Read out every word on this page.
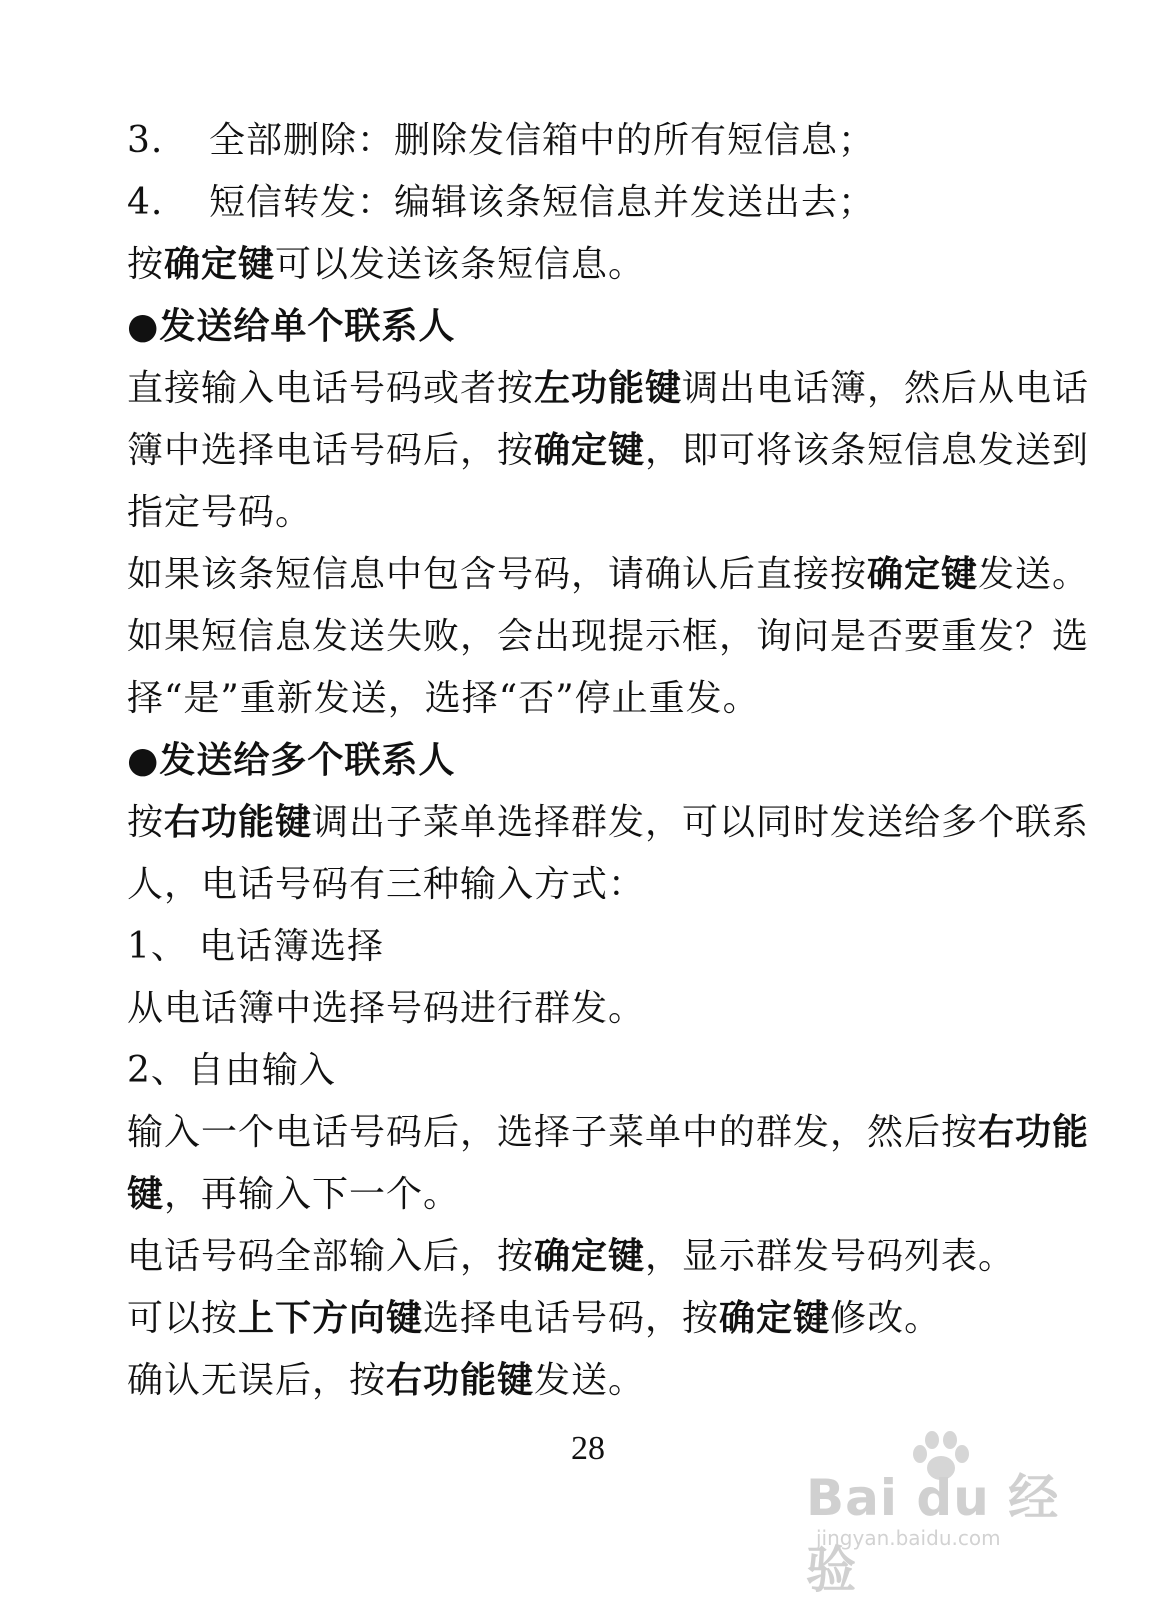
3.	全部删除：删除发信箱中的所有短信息；
4.	短信转发：编辑该条短信息并发送出去；
按确定键可以发送该条短信息。
●发送给单个联系人
直接输入电话号码或者按左功能键调出电话簿，然后从电话
簿中选择电话号码后，按确定键，即可将该条短信息发送到
指定号码。
如果该条短信息中包含号码，请确认后直接按确定键发送。
如果短信息发送失败，会出现提示框，询问是否要重发？选
择“是”重新发送，选择“否”停止重发。
●发送给多个联系人
按右功能键调出子菜单选择群发，可以同时发送给多个联系
人，电话号码有三种输入方式：
1、 电话簿选择
从电话簿中选择号码进行群发。
2、自由输入
输入一个电话号码后，选择子菜单中的群发，然后按右功能
键，再输入下一个。
电话号码全部输入后，按确定键，显示群发号码列表。
可以按上下方向键选择电话号码，按确定键修改。
确认无误后，按右功能键发送。
28
Bai du 经验
jingyan.baidu.com
